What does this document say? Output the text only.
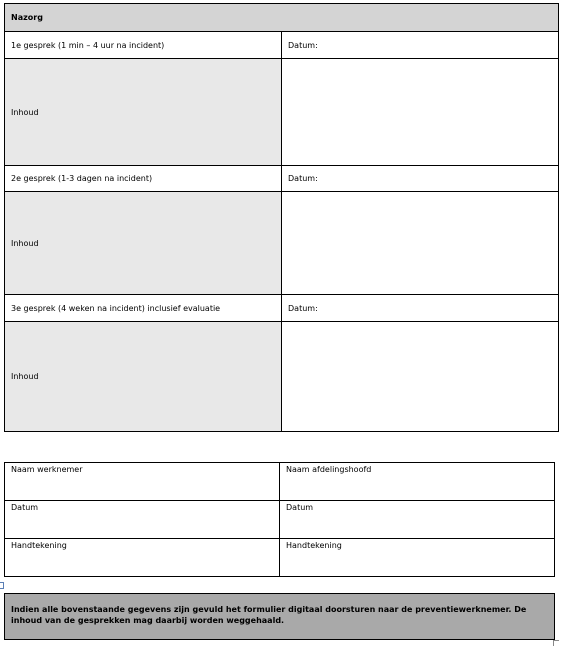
Nazorg	
1e gesprek (1 min – 4 uur na incident)	Datum:
Inhoud	
2e gesprek (1-3 dagen na incident)	Datum:
Inhoud	
3e gesprek (4 weken na incident) inclusief evaluatie	Datum:
Inhoud	
Naam werknemer	Naam afdelingshoofd
Datum	Datum
Handtekening	Handtekening
Indien alle bovenstaande gegevens zijn gevuld het formulier digitaal doorsturen naar de preventiewerknemer. De inhoud van de gesprekken mag daarbij worden weggehaald.
